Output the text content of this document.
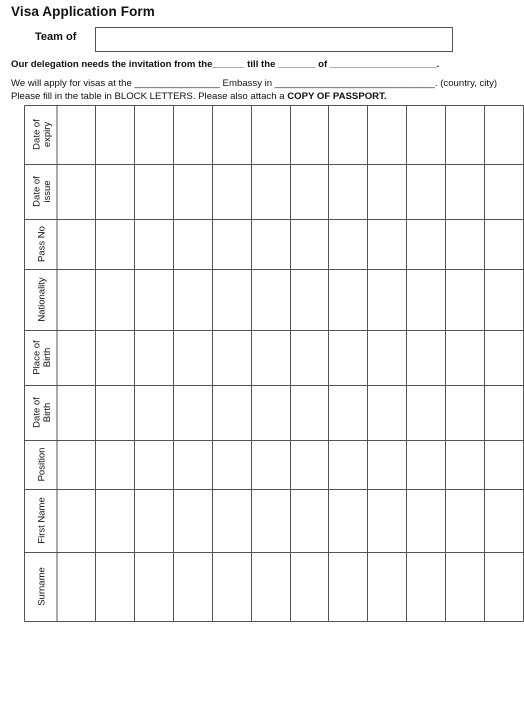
Visa Application Form
Team of
Our delegation needs the invitation from the______ till the _______ of ____________________.
We will apply for visas at the ________________ Embassy in ______________________________. (country, city)
Please fill in the table in BLOCK LETTERS. Please also attach a COPY OF PASSPORT.
Date of expiry
Date of issue
Pass No
Nationality
Place of Birth
Date of Birth
Position
First Name
Surname
